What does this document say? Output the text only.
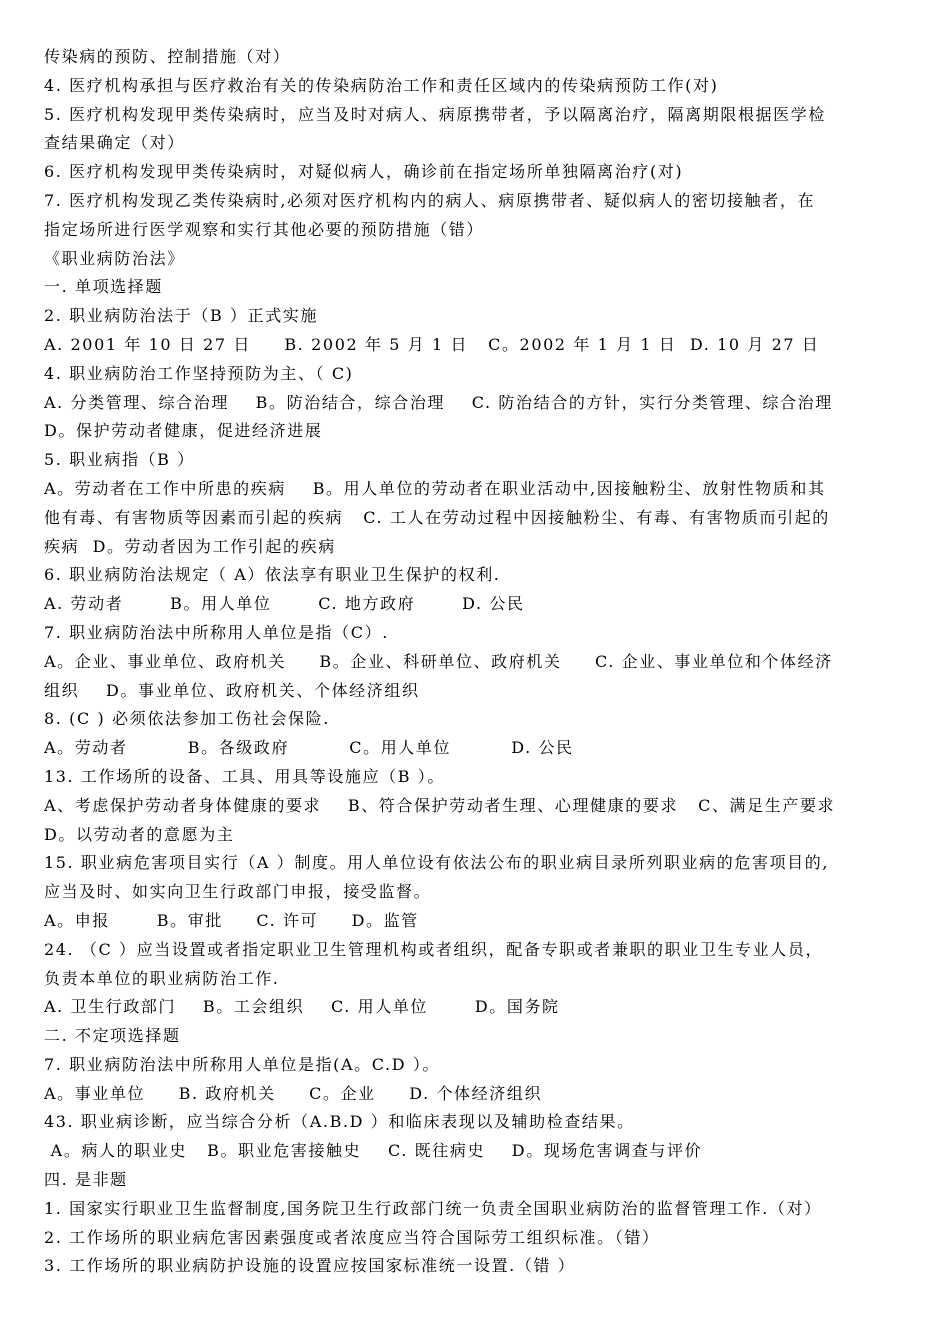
传染病的预防、控制措施（对）
4. 医疗机构承担与医疗救治有关的传染病防治工作和责任区域内的传染病预防工作(对)
5. 医疗机构发现甲类传染病时，应当及时对病人、病原携带者，予以隔离治疗，隔离期限根据医学检
查结果确定（对）
6. 医疗机构发现甲类传染病时，对疑似病人，确诊前在指定场所单独隔离治疗(对)
7. 医疗机构发现乙类传染病时,必须对医疗机构内的病人、病原携带者、疑似病人的密切接触者，在
指定场所进行医学观察和实行其他必要的预防措施（错）
《职业病防治法》
一. 单项选择题
2. 职业病防治法于（B ）正式实施
A. 2001 年 10 日 27 日     B. 2002 年 5 月 1 日   C。2002 年 1 月 1 日  D. 10 月 27 日
4. 职业病防治工作坚持预防为主、（ C)
A. 分类管理、综合治理    B。防治结合，综合治理    C. 防治结合的方针，实行分类管理、综合治理
D。保护劳动者健康，促进经济进展
5. 职业病指（B ）
A。劳动者在工作中所患的疾病    B。用人单位的劳动者在职业活动中,因接触粉尘、放射性物质和其
他有毒、有害物质等因素而引起的疾病   C. 工人在劳动过程中因接触粉尘、有毒、有害物质而引起的
疾病  D。劳动者因为工作引起的疾病
6. 职业病防治法规定（ A）依法享有职业卫生保护的权利.
A. 劳动者       B。用人单位       C. 地方政府       D. 公民
7. 职业病防治法中所称用人单位是指（C）.
A。企业、事业单位、政府机关     B。企业、科研单位、政府机关     C. 企业、事业单位和个体经济
组织    D。事业单位、政府机关、个体经济组织
8. (C ) 必须依法参加工伤社会保险.
A。劳动者         B。各级政府         C。用人单位         D. 公民
13. 工作场所的设备、工具、用具等设施应（B ）。
A、考虑保护劳动者身体健康的要求    B、符合保护劳动者生理、心理健康的要求   C、满足生产要求
D。以劳动者的意愿为主
15. 职业病危害项目实行（A ）制度。用人单位设有依法公布的职业病目录所列职业病的危害项目的,
应当及时、如实向卫生行政部门申报，接受监督。
A。申报       B。审批     C. 许可     D。监管
24. （C ）应当设置或者指定职业卫生管理机构或者组织，配备专职或者兼职的职业卫生专业人员，
负责本单位的职业病防治工作.
A. 卫生行政部门    B。工会组织    C. 用人单位       D。国务院
二. 不定项选择题
7. 职业病防治法中所称用人单位是指(A。C.D ）。
A。事业单位     B. 政府机关     C。企业     D. 个体经济组织
43. 职业病诊断，应当综合分析（A.B.D ）和临床表现以及辅助检查结果。
A。病人的职业史   B。职业危害接触史    C. 既往病史    D。现场危害调查与评价
四. 是非题
1. 国家实行职业卫生监督制度,国务院卫生行政部门统一负责全国职业病防治的监督管理工作.（对）
2. 工作场所的职业病危害因素强度或者浓度应当符合国际劳工组织标准。（错）
3. 工作场所的职业病防护设施的设置应按国家标准统一设置.（错 ）
